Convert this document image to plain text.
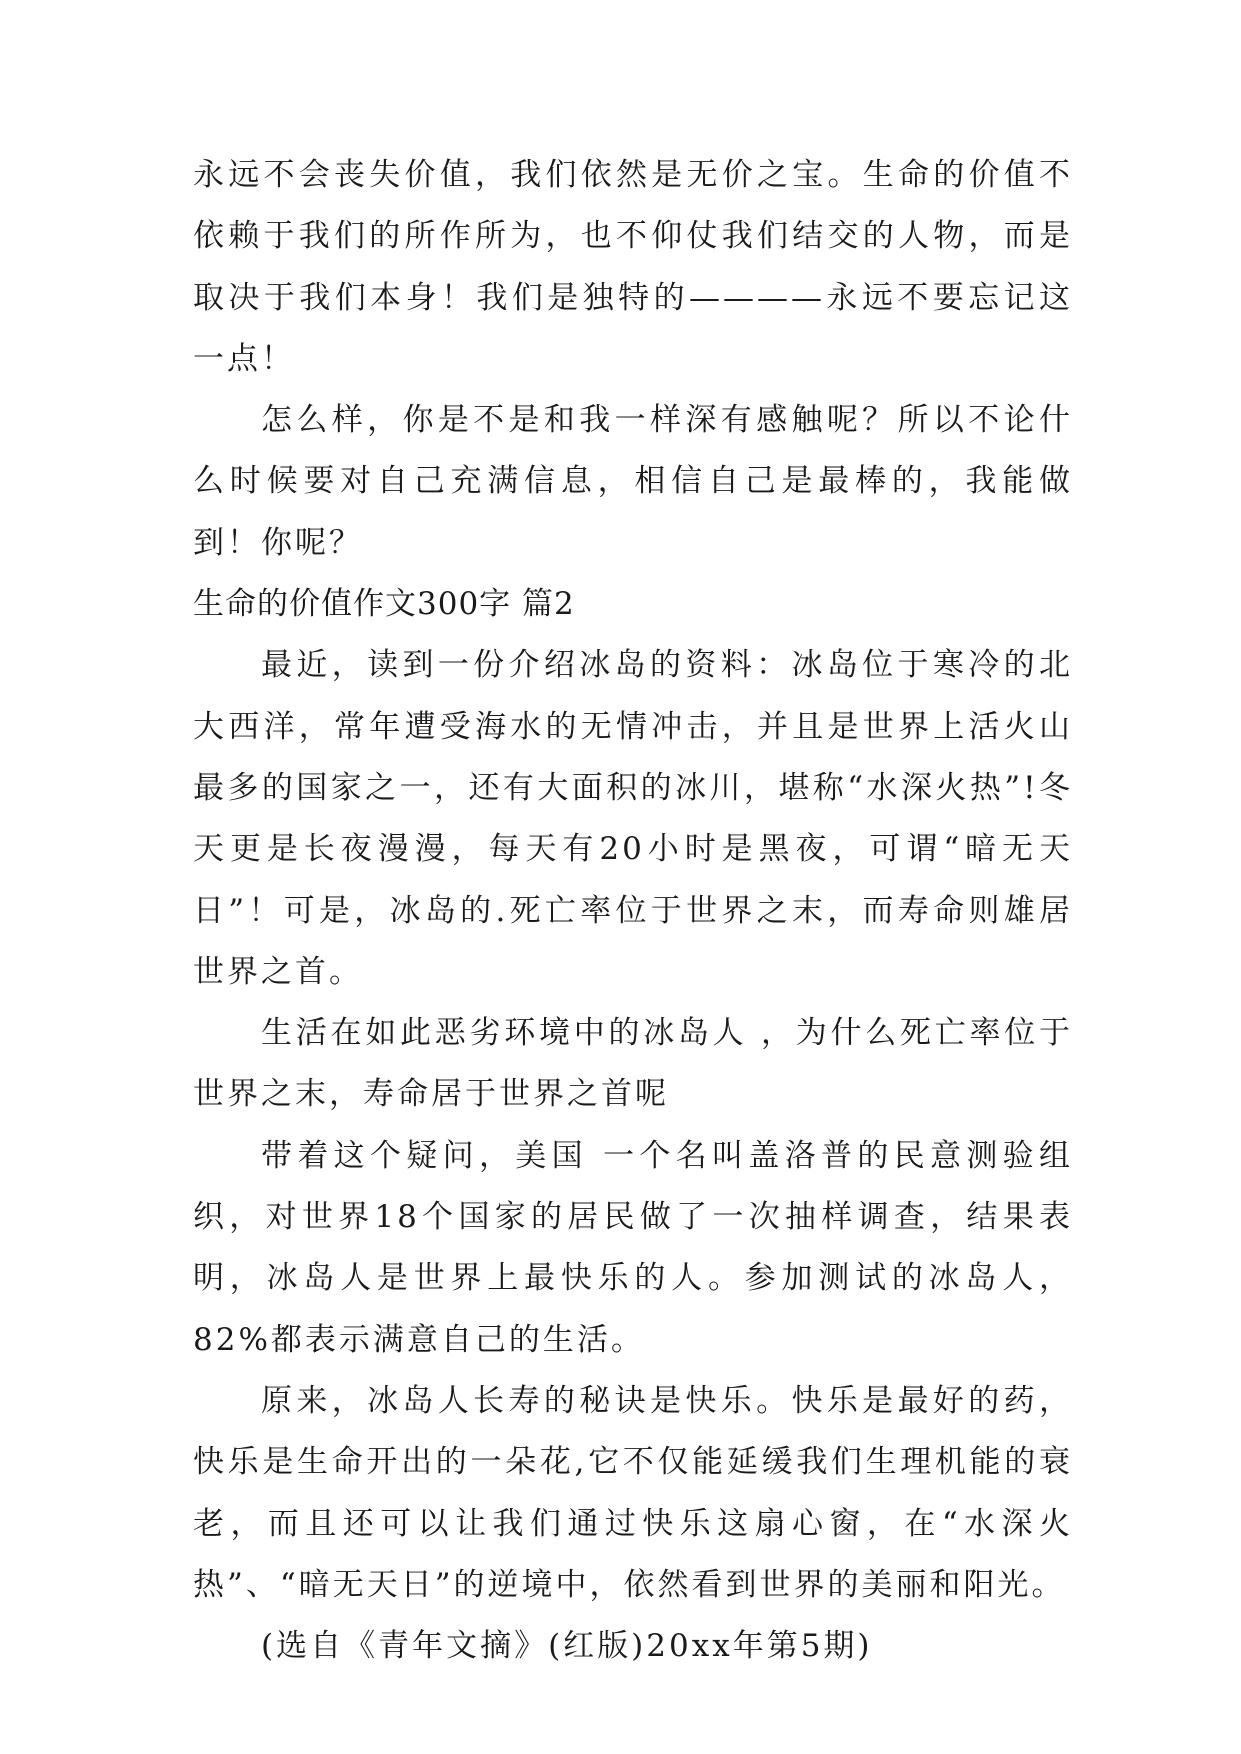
永远不会丧失价值，我们依然是无价之宝。生命的价值不依赖于我们的所作所为，也不仰仗我们结交的人物，而是取决于我们本身！我们是独特的————永远不要忘记这一点！

怎么样，你是不是和我一样深有感触呢？所以不论什么时候要对自己充满信息，相信自己是最棒的，我能做到！你呢？

生命的价值作文300字 篇2

最近，读到一份介绍冰岛的资料：冰岛位于寒冷的北大西洋，常年遭受海水的无情冲击，并且是世界上活火山最多的国家之一，还有大面积的冰川，堪称“水深火热”!冬天更是长夜漫漫，每天有20小时是黑夜，可谓“暗无天日”！可是，冰岛的.死亡率位于世界之末，而寿命则雄居世界之首。

生活在如此恶劣环境中的冰岛人 ，为什么死亡率位于世界之末，寿命居于世界之首呢

带着这个疑问，美国 一个名叫盖洛普的民意测验组织，对世界18个国家的居民做了一次抽样调查，结果表明，冰岛人是世界上最快乐的人。参加测试的冰岛人，82%都表示满意自己的生活。

原来，冰岛人长寿的秘诀是快乐。快乐是最好的药，快乐是生命开出的一朵花,它不仅能延缓我们生理机能的衰老，而且还可以让我们通过快乐这扇心窗，在“水深火热”、“暗无天日”的逆境中，依然看到世界的美丽和阳光。

(选自《青年文摘》(红版)20xx年第5期)
